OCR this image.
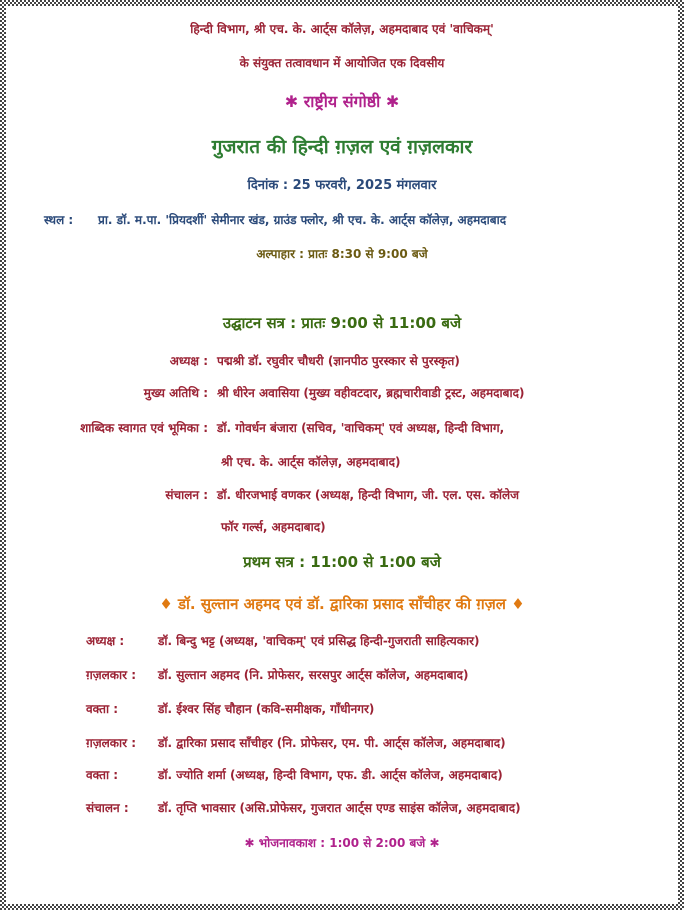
हिन्दी विभाग, श्री एच. के. आर्ट्स कॉलेज़, अहमदाबाद एवं 'वाचिकम्'
के संयुक्त तत्वावधान में आयोजित एक दिवसीय
✱ राष्ट्रीय संगोष्ठी ✱
गुजरात की हिन्दी ग़ज़ल एवं ग़ज़लकार
दिनांक : 25 फरवरी, 2025 मंगलवार
स्थल : प्रा. डॉ. म.पा. 'प्रियदर्शी' सेमीनार खंड, ग्राउंड फ्लोर, श्री एच. के. आर्ट्स कॉलेज़, अहमदाबाद
अल्पाहार : प्रातः 8:30 से 9:00 बजे
उद्घाटन सत्र : प्रातः 9:00 से 11:00 बजे
अध्यक्ष : पद्मश्री डॉ. रघुवीर चौधरी (ज्ञानपीठ पुरस्कार से पुरस्कृत)
मुख्य अतिथि : श्री धीरेन अवासिया (मुख्य वहीवटदार, ब्रह्मचारीवाडी ट्रस्ट, अहमदाबाद)
शाब्दिक स्वागत एवं भूमिका : डॉ. गोवर्धन बंजारा (सचिव, 'वाचिकम्' एवं अध्यक्ष, हिन्दी विभाग,
श्री एच. के. आर्ट्स कॉलेज़, अहमदाबाद)
संचालन : डॉ. धीरजभाई वणकर (अध्यक्ष, हिन्दी विभाग, जी. एल. एस. कॉलेज
फॉर गर्ल्स, अहमदाबाद)
प्रथम सत्र : 11:00 से 1:00 बजे
♦ डॉ. सुल्तान अहमद एवं डॉ. द्वारिका प्रसाद साँचीहर की ग़ज़ल ♦
अध्यक्ष :	डॉ. बिन्दु भट्ट (अध्यक्ष, 'वाचिकम्' एवं प्रसिद्ध हिन्दी-गुजराती साहित्यकार)
ग़ज़लकार : डॉ. सुल्तान अहमद (नि. प्रोफेसर, सरसपुर आर्ट्स कॉलेज, अहमदाबाद)
वक्ता :	डॉ. ईश्वर सिंह चौहान (कवि-समीक्षक, गाँधीनगर)
ग़ज़लकार : डॉ. द्वारिका प्रसाद साँचीहर (नि. प्रोफेसर, एम. पी. आर्ट्स कॉलेज, अहमदाबाद)
वक्ता :	डॉ. ज्योति शर्मा (अध्यक्ष, हिन्दी विभाग, एफ. डी. आर्ट्स कॉलेज, अहमदाबाद)
संचालन : डॉ. तृप्ति भावसार (असि.प्रोफेसर, गुजरात आर्ट्स एण्ड साइंस कॉलेज, अहमदाबाद)
✱ भोजनावकाश : 1:00 से 2:00 बजे ✱
